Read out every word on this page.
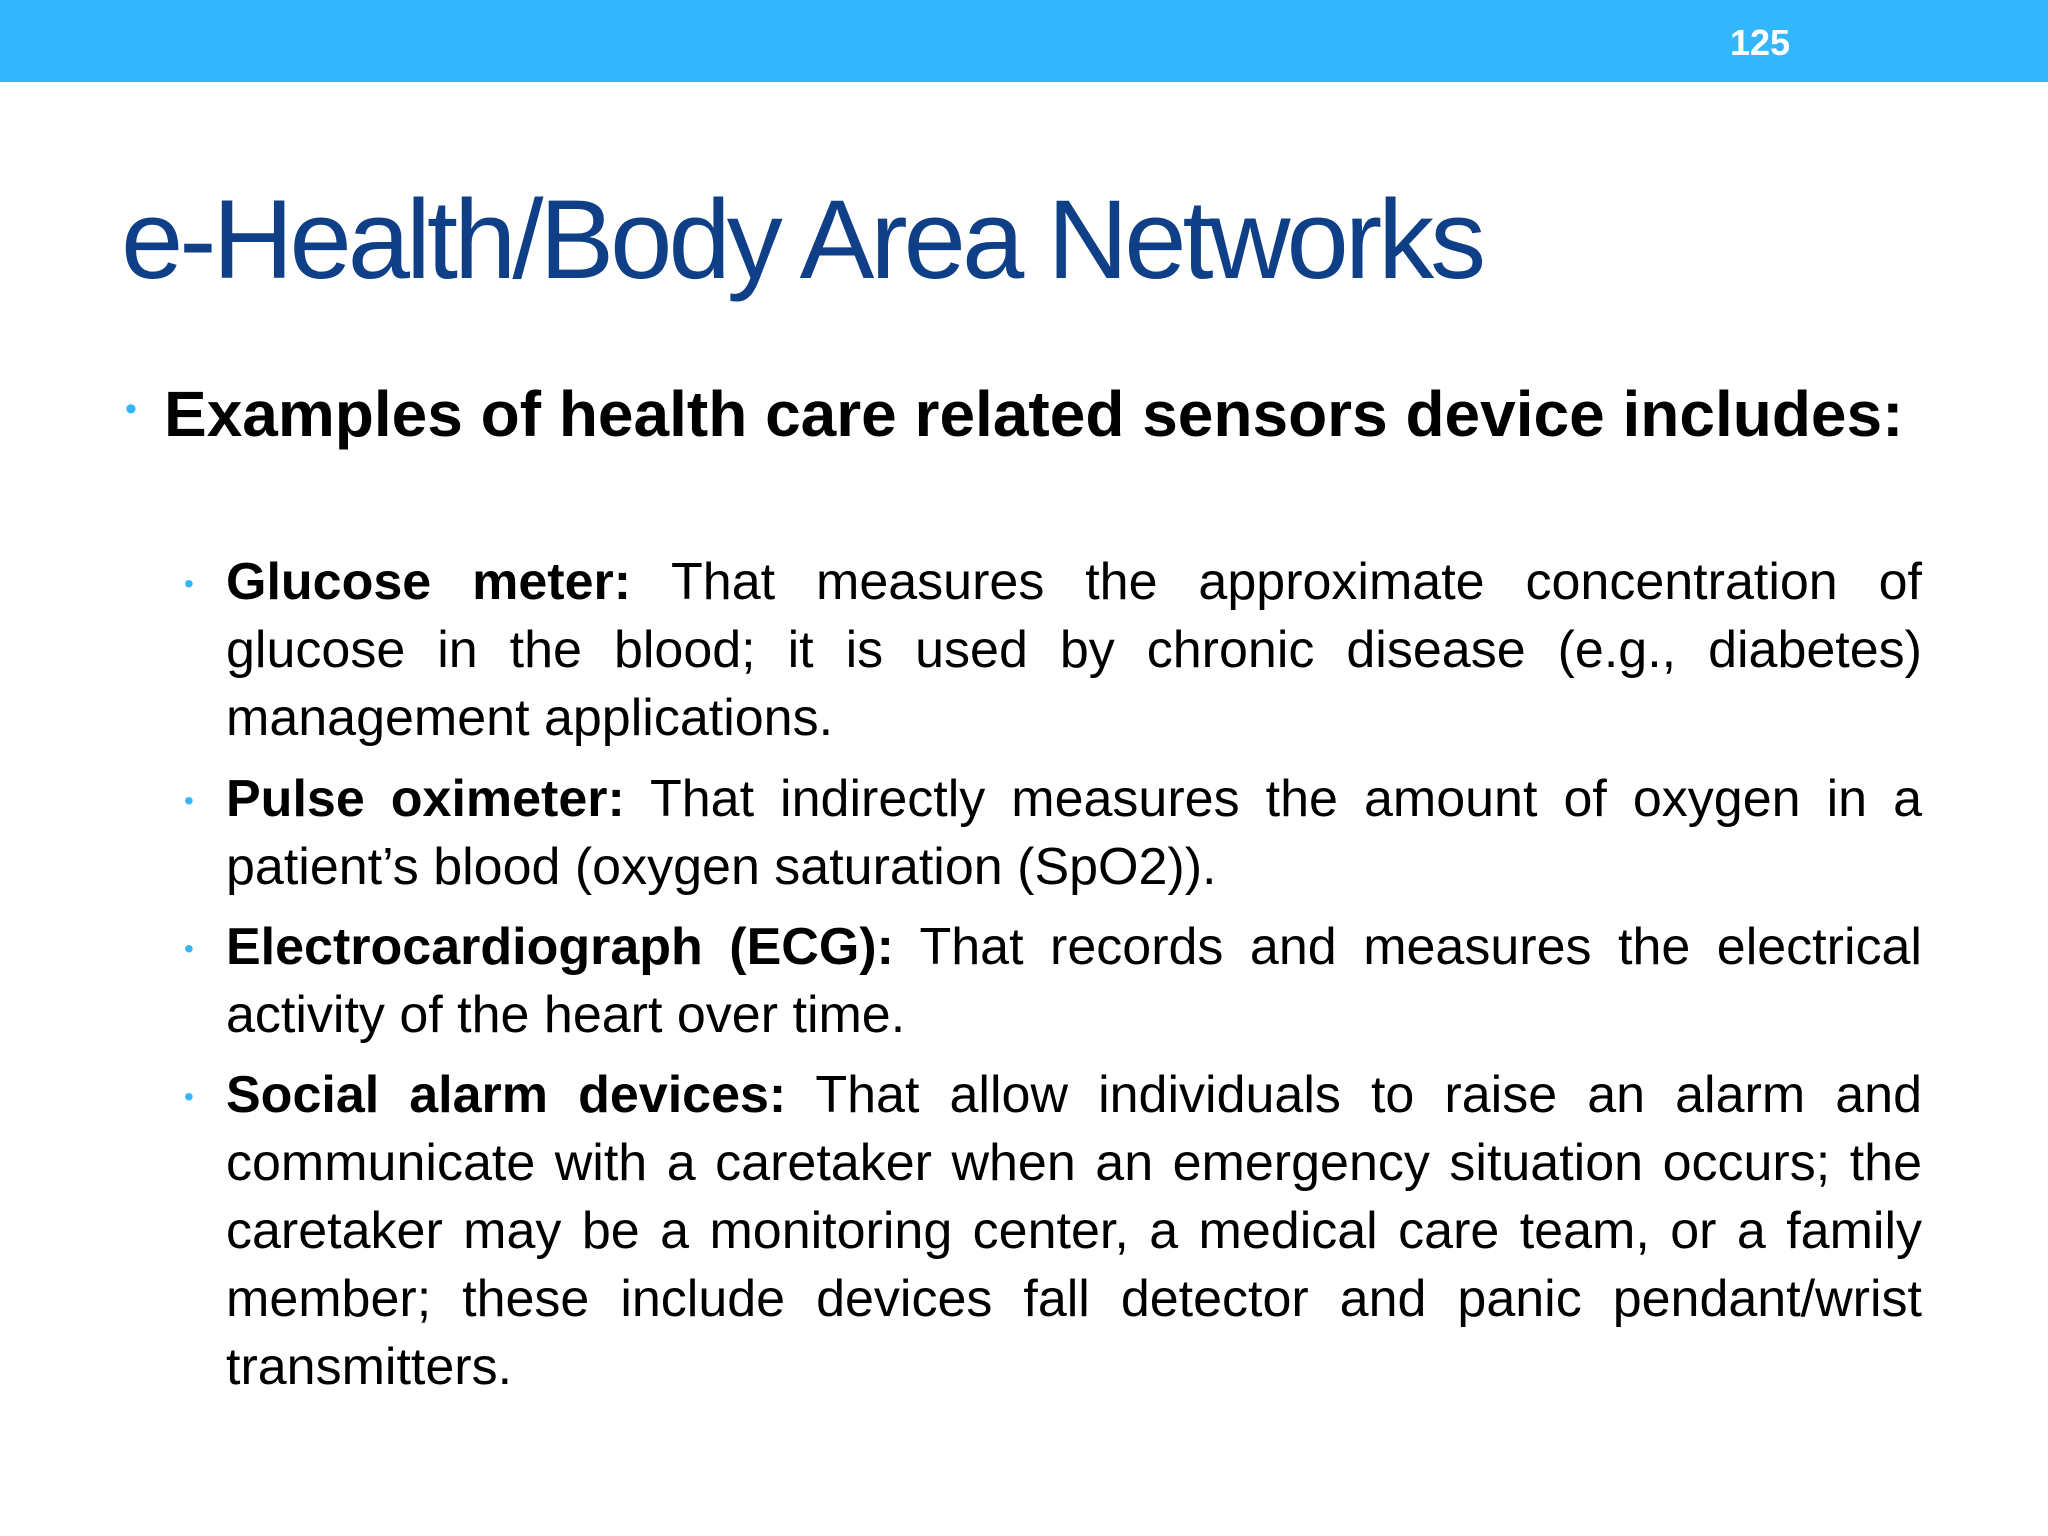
125
e-Health/Body Area Networks
• Examples of health care related sensors device includes:
• Glucose meter: That measures the approximate concentration of glucose in the blood; it is used by chronic disease (e.g., diabetes) management applications.
• Pulse oximeter: That indirectly measures the amount of oxygen in a patient’s blood (oxygen saturation (SpO2)).
• Electrocardiograph (ECG): That records and measures the electrical activity of the heart over time.
• Social alarm devices: That allow individuals to raise an alarm and communicate with a caretaker when an emergency situation occurs; the caretaker may be a monitoring center, a medical care team, or a family member; these include devices fall detector and panic pendant/wrist transmitters.
